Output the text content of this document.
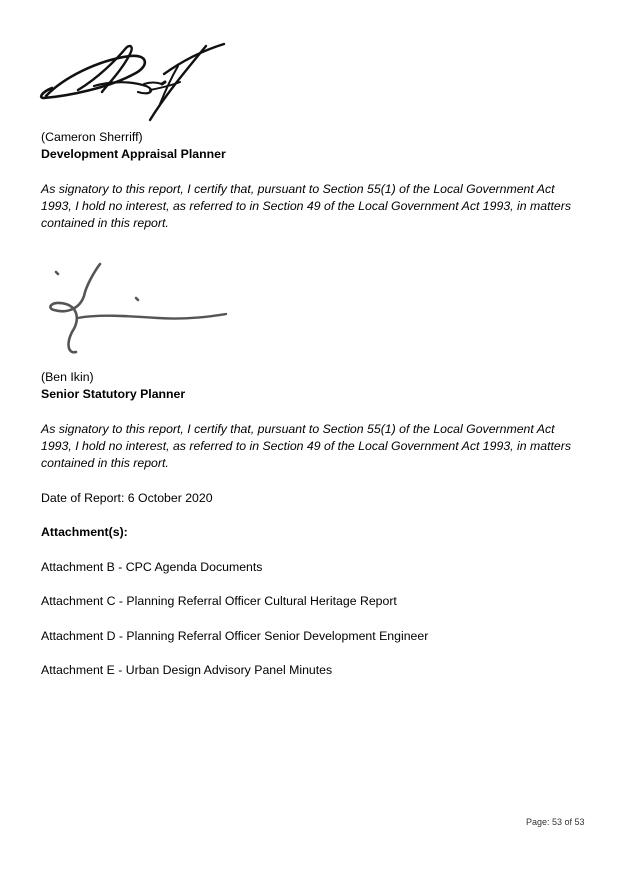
(Cameron Sherriff)

Development Appraisal Planner

As signatory to this report, I certify that, pursuant to Section 55(1) of the Local Government Act 1993, I hold no interest, as referred to in Section 49 of the Local Government Act 1993, in matters contained in this report.

(Ben Ikin)

Senior Statutory Planner

As signatory to this report, I certify that, pursuant to Section 55(1) of the Local Government Act 1993, I hold no interest, as referred to in Section 49 of the Local Government Act 1993, in matters contained in this report.

Date of Report: 6 October 2020

Attachment(s):

Attachment B - CPC Agenda Documents

Attachment C - Planning Referral Officer Cultural Heritage Report

Attachment D - Planning Referral Officer Senior Development Engineer

Attachment E - Urban Design Advisory Panel Minutes

Page: 53 of 53
